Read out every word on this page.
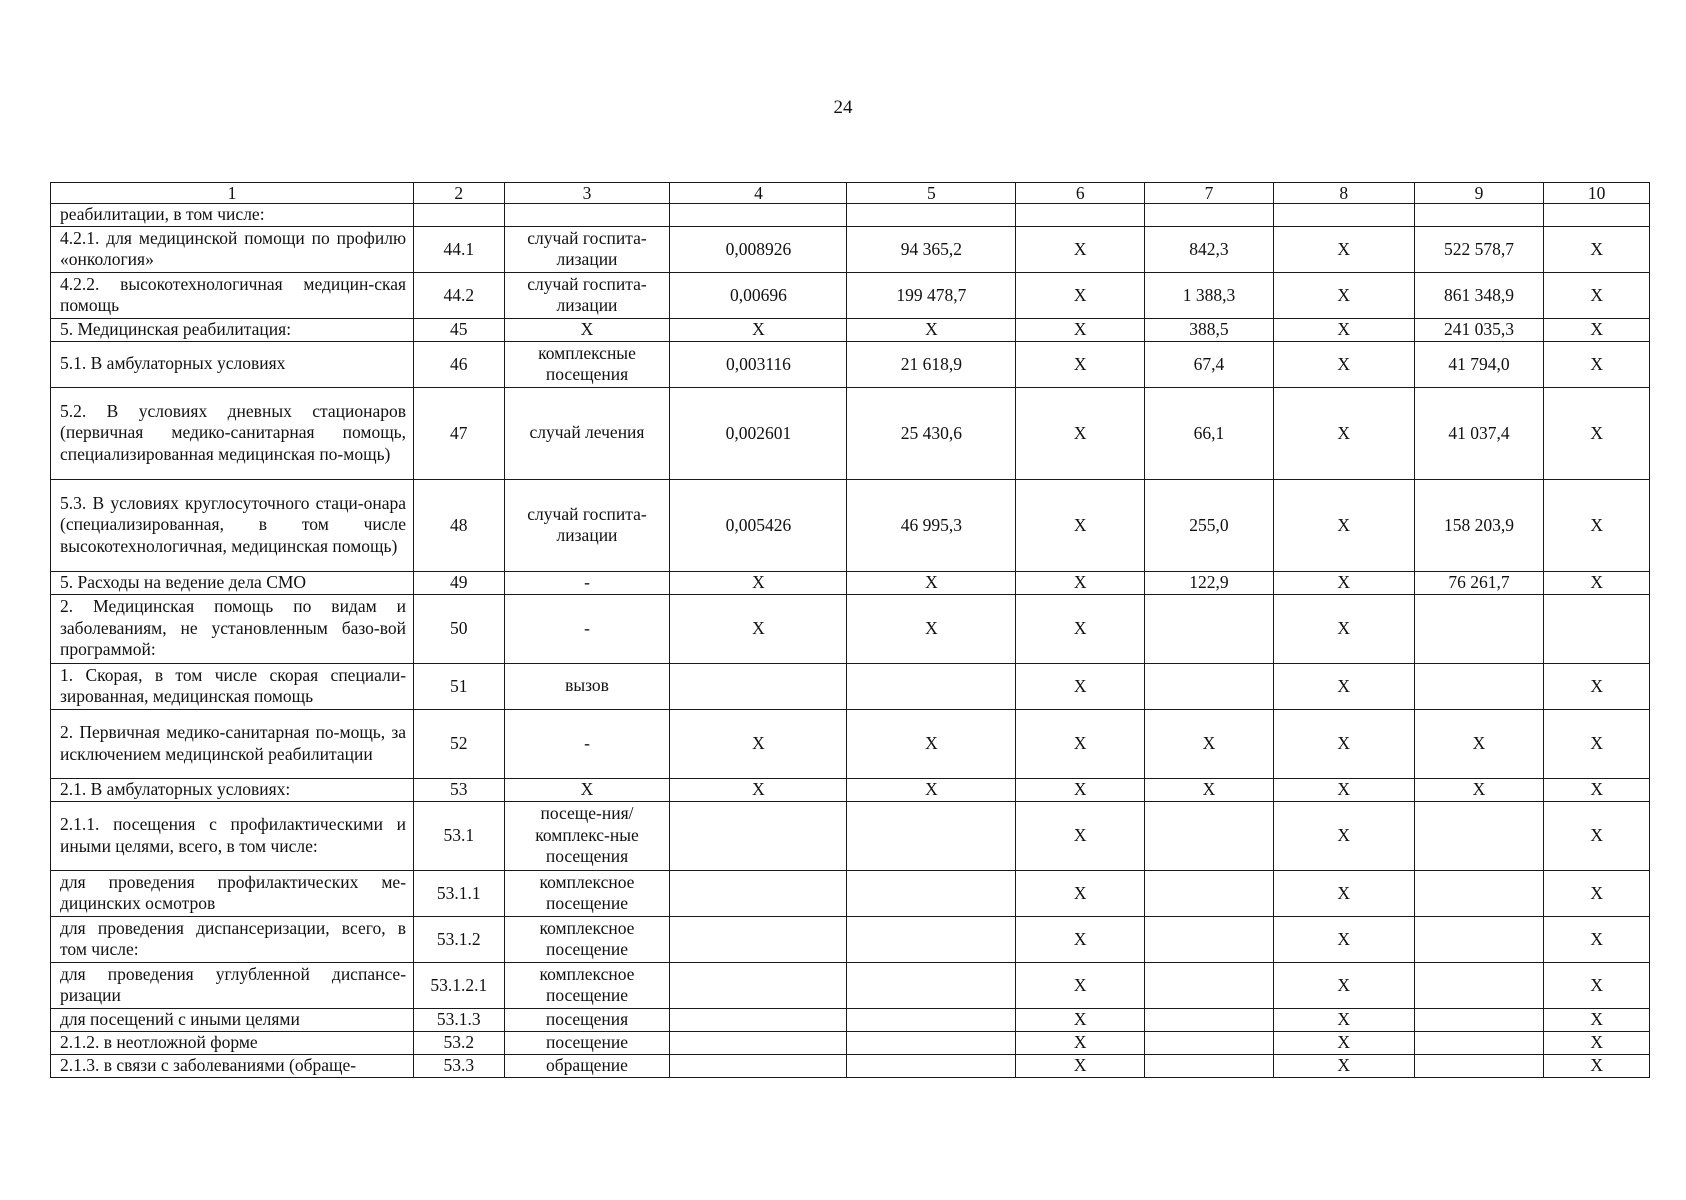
24
1	2	3	4	5	6	7	8	9	10
реабилитации, в том числе:									
4.2.1. для медицинской помощи по профилю «онкология»	44.1	случай госпита-лизации	0,008926	94 365,2	X	842,3	X	522 578,7	X
4.2.2. высокотехнологичная медицин-ская помощь	44.2	случай госпита-лизации	0,00696	199 478,7	X	1 388,3	X	861 348,9	X
5. Медицинская реабилитация:	45	X	X	X	X	388,5	X	241 035,3	X
5.1. В амбулаторных условиях	46	комплексные посещения	0,003116	21 618,9	X	67,4	X	41 794,0	X
5.2. В условиях дневных стационаров (первичная медико-санитарная помощь, специализированная медицинская по-мощь)	47	случай лечения	0,002601	25 430,6	X	66,1	X	41 037,4	X
5.3. В условиях круглосуточного стаци-онара (специализированная, в том числе высокотехнологичная, медицинская помощь)	48	случай госпита-лизации	0,005426	46 995,3	X	255,0	X	158 203,9	X
5. Расходы на ведение дела СМО	49	-	X	X	X	122,9	X	76 261,7	X
2. Медицинская помощь по видам и заболеваниям, не установленным базо-вой программой:	50	-	X	X	X		X		
1. Скорая, в том числе скорая специали-зированная, медицинская помощь	51	вызов			X		X		X
2. Первичная медико-санитарная по-мощь, за исключением медицинской реабилитации	52	-	X	X	X	X	X	X	X
2.1. В амбулаторных условиях:	53	X	X	X	X	X	X	X	X
2.1.1. посещения с профилактическими и иными целями, всего, в том числе:	53.1	посеще-ния/комплекс-ные посещения			X		X		X
для проведения профилактических ме-дицинских осмотров	53.1.1	комплексное посещение			X		X		X
для проведения диспансеризации, всего, в том числе:	53.1.2	комплексное посещение			X		X		X
для проведения углубленной диспансе-ризации	53.1.2.1	комплексное посещение			X		X		X
для посещений с иными целями	53.1.3	посещения			X		X		X
2.1.2. в неотложной форме	53.2	посещение			X		X		X
2.1.3. в связи с заболеваниями (обраще-	53.3	обращение			X		X		X
